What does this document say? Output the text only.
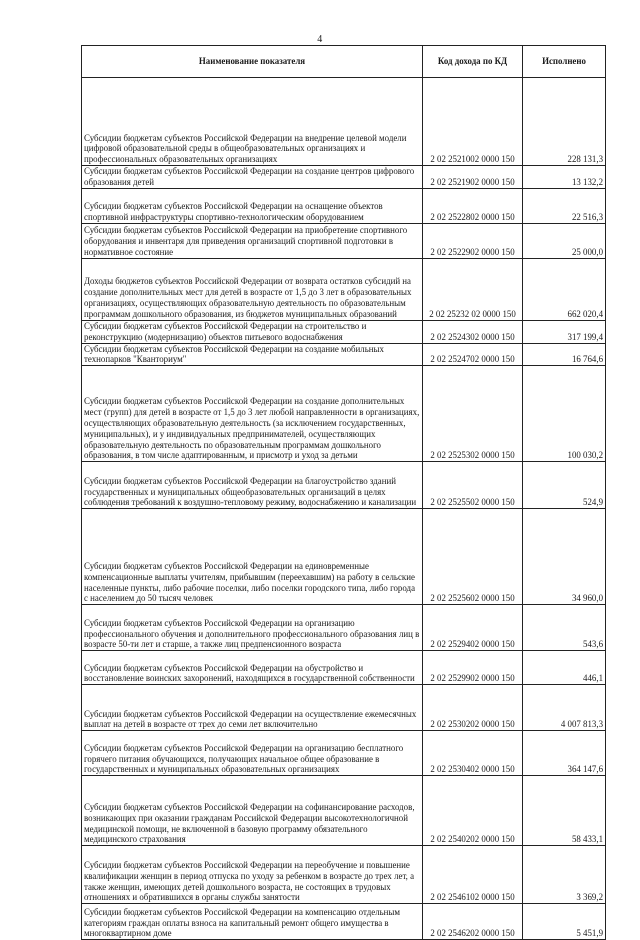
4
Наименование показателя	Код дохода по КД	Исполнено
Субсидии бюджетам субъектов Российской Федерации на внедрение целевой модели цифровой образовательной среды в общеобразовательных организациях и профессиональных образовательных организациях	2 02 2521002 0000 150	228 131,3
Субсидии бюджетам субъектов Российской Федерации на создание центров цифрового образования детей	2 02 2521902 0000 150	13 132,2
Субсидии бюджетам субъектов Российской Федерации на оснащение объектов спортивной инфраструктуры спортивно-технологическим оборудованием	2 02 2522802 0000 150	22 516,3
Субсидии бюджетам субъектов Российской Федерации на приобретение спортивного оборудования и инвентаря для приведения организаций спортивной подготовки в нормативное состояние	2 02 2522902 0000 150	25 000,0
Доходы бюджетов субъектов Российской Федерации от возврата остатков субсидий на создание дополнительных мест для детей в возрасте от 1,5 до 3 лет в образовательных организациях, осуществляющих образовательную деятельность по образовательным программам дошкольного образования, из бюджетов муниципальных образований	2 02 25232 02 0000 150	662 020,4
Субсидии бюджетам субъектов Российской Федерации на строительство и реконструкцию (модернизацию) объектов питьевого водоснабжения	2 02 2524302 0000 150	317 199,4
Субсидии бюджетам субъектов Российской Федерации на создание мобильных технопарков "Кванториум"	2 02 2524702 0000 150	16 764,6
Субсидии бюджетам субъектов Российской Федерации на создание дополнительных мест (групп) для детей в возрасте от 1,5 до 3 лет любой направленности в организациях, осуществляющих образовательную деятельность (за исключением государственных, муниципальных), и у индивидуальных предпринимателей, осуществляющих образовательную деятельность по образовательным программам дошкольного образования, в том числе адаптированным, и присмотр и уход за детьми	2 02 2525302 0000 150	100 030,2
Субсидии бюджетам субъектов Российской Федерации на благоустройство зданий государственных и муниципальных общеобразовательных организаций в целях соблюдения требований к воздушно-тепловому режиму, водоснабжению и канализации	2 02 2525502 0000 150	524,9
Субсидии бюджетам субъектов Российской Федерации на единовременные компенсационные выплаты учителям, прибывшим (переехавшим) на работу в сельские населенные пункты, либо рабочие поселки, либо поселки городского типа, либо города с населением до 50 тысяч человек	2 02 2525602 0000 150	34 960,0
Субсидии бюджетам субъектов Российской Федерации на организацию профессионального обучения и дополнительного профессионального образования лиц в возрасте 50-ти лет и старше, а также лиц предпенсионного возраста	2 02 2529402 0000 150	543,6
Субсидии бюджетам субъектов Российской Федерации на обустройство и восстановление воинских захоронений, находящихся в государственной собственности	2 02 2529902 0000 150	446,1
Субсидии бюджетам субъектов Российской Федерации на осуществление ежемесячных выплат на детей в возрасте от трех до семи лет включительно	2 02 2530202 0000 150	4 007 813,3
Субсидии бюджетам субъектов Российской Федерации на организацию бесплатного горячего питания обучающихся, получающих начальное общее образование в государственных и муниципальных образовательных организациях	2 02 2530402 0000 150	364 147,6
Субсидии бюджетам субъектов Российской Федерации на софинансирование расходов, возникающих при оказании гражданам Российской Федерации высокотехнологичной медицинской помощи, не включенной в базовую программу обязательного медицинского страхования	2 02 2540202 0000 150	58 433,1
Субсидии бюджетам субъектов Российской Федерации на переобучение и повышение квалификации женщин в период отпуска по уходу за ребенком в возрасте до трех лет, а также женщин, имеющих детей дошкольного возраста, не состоящих в трудовых отношениях и обратившихся в органы службы занятости	2 02 2546102 0000 150	3 369,2
Субсидии бюджетам субъектов Российской Федерации на компенсацию отдельным категориям граждан оплаты взноса на капитальный ремонт общего имущества в многоквартирном доме	2 02 2546202 0000 150	5 451,9
